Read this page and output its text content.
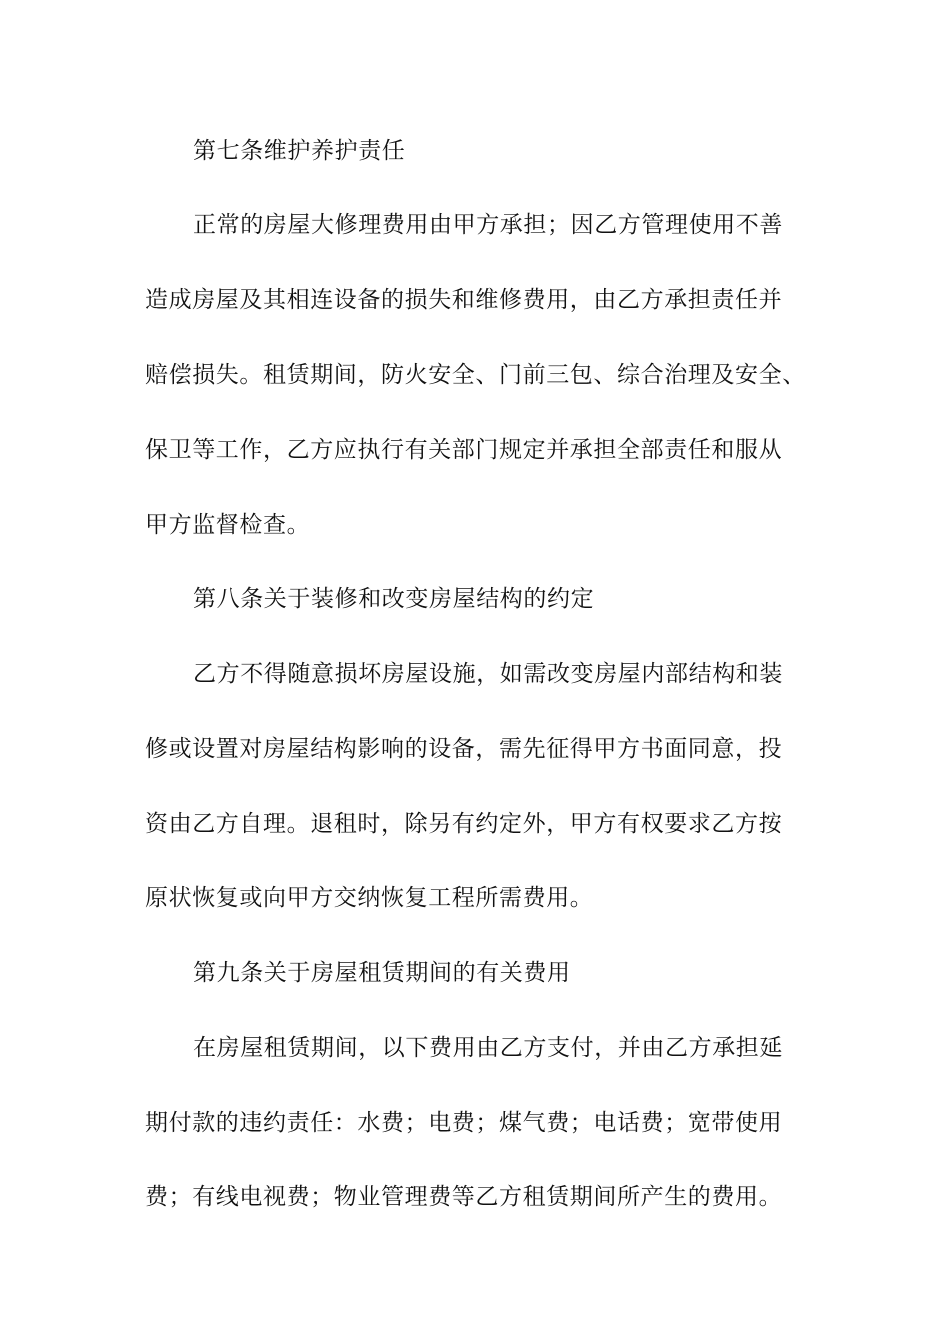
第七条维护养护责任
正常的房屋大修理费用由甲方承担；因乙方管理使用不善
造成房屋及其相连设备的损失和维修费用，由乙方承担责任并
赔偿损失。租赁期间，防火安全、门前三包、综合治理及安全、
保卫等工作，乙方应执行有关部门规定并承担全部责任和服从
甲方监督检查。
第八条关于装修和改变房屋结构的约定
乙方不得随意损坏房屋设施，如需改变房屋内部结构和装
修或设置对房屋结构影响的设备，需先征得甲方书面同意，投
资由乙方自理。退租时，除另有约定外，甲方有权要求乙方按
原状恢复或向甲方交纳恢复工程所需费用。
第九条关于房屋租赁期间的有关费用
在房屋租赁期间，以下费用由乙方支付，并由乙方承担延
期付款的违约责任：水费；电费；煤气费；电话费；宽带使用
费；有线电视费；物业管理费等乙方租赁期间所产生的费用。
